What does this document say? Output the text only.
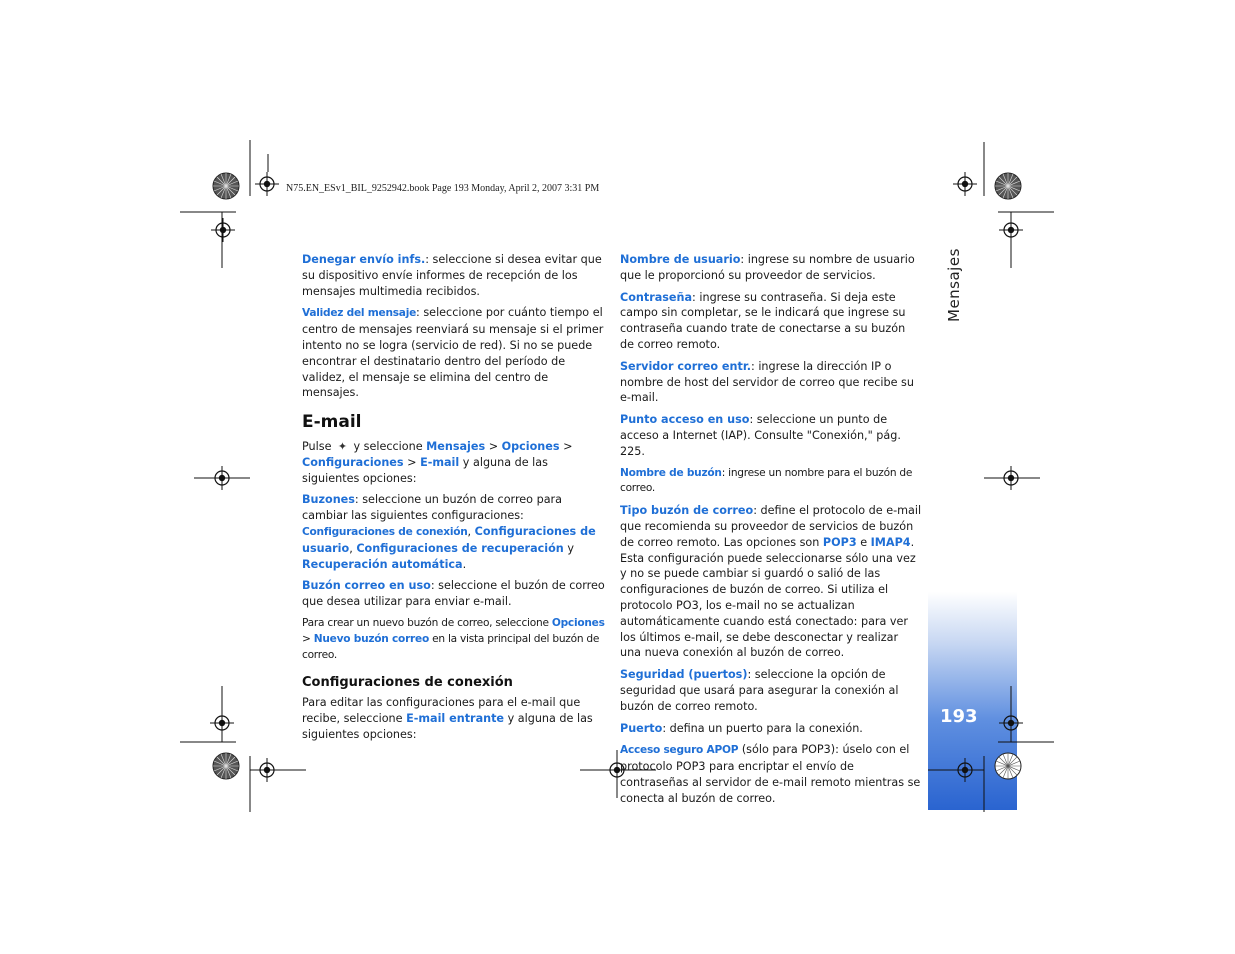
Mensajes
193
N75.EN_ESv1_BIL_9252942.book Page 193 Monday, April 2, 2007 3:31 PM

Denegar envío infs.: seleccione si desea evitar que su dispositivo envíe informes de recepción de los mensajes multimedia recibidos.

Validez del mensaje: seleccione por cuánto tiempo el centro de mensajes reenviará su mensaje si el primer intento no se logra (servicio de red). Si no se puede encontrar el destinatario dentro del período de validez, el mensaje se elimina del centro de mensajes.

E-mail

Pulse ✦ y seleccione Mensajes > Opciones >
Configuraciones > E-mail y alguna de las siguientes opciones:

Buzones: seleccione un buzón de correo para cambiar las siguientes configuraciones: Configuraciones de conexión, Configuraciones de usuario, Configuraciones de recuperación y Recuperación automática.

Buzón correo en uso: seleccione el buzón de correo que desea utilizar para enviar e-mail.

Para crear un nuevo buzón de correo, seleccione Opciones > Nuevo buzón correo en la vista principal del buzón de correo.

Configuraciones de conexión

Para editar las configuraciones para el e-mail que recibe, seleccione E-mail entrante y alguna de las siguientes opciones:

Nombre de usuario: ingrese su nombre de usuario que le proporcionó su proveedor de servicios.

Contraseña: ingrese su contraseña. Si deja este campo sin completar, se le indicará que ingrese su contraseña cuando trate de conectarse a su buzón de correo remoto.

Servidor correo entr.: ingrese la dirección IP o nombre de host del servidor de correo que recibe su e-mail.

Punto acceso en uso: seleccione un punto de acceso a Internet (IAP). Consulte "Conexión," pág. 225.

Nombre de buzón: ingrese un nombre para el buzón de correo.

Tipo buzón de correo: define el protocolo de e-mail que recomienda su proveedor de servicios de buzón de correo remoto. Las opciones son POP3 e IMAP4. Esta configuración puede seleccionarse sólo una vez y no se puede cambiar si guardó o salió de las configuraciones de buzón de correo. Si utiliza el protocolo PO3, los e-mail no se actualizan automáticamente cuando está conectado: para ver los últimos e-mail, se debe desconectar y realizar una nueva conexión al buzón de correo.

Seguridad (puertos): seleccione la opción de seguridad que usará para asegurar la conexión al buzón de correo remoto.

Puerto: defina un puerto para la conexión.

Acceso seguro APOP (sólo para POP3): úselo con el protocolo POP3 para encriptar el envío de contraseñas al servidor de e-mail remoto mientras se conecta al buzón de correo.
